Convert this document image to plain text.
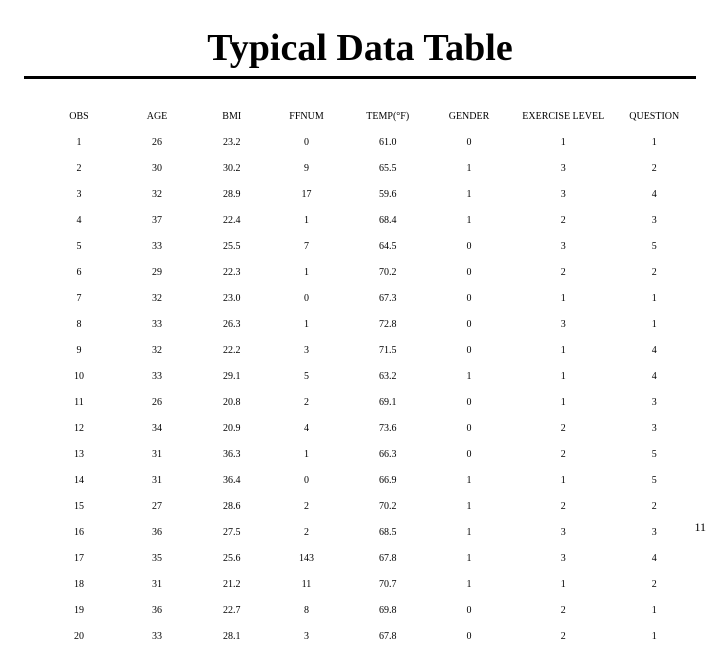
Typical Data Table
OBS	AGE	BMI	FFNUM	TEMP(°F)	GENDER	EXERCISE LEVEL	QUESTION
1	26	23.2	0	61.0	0	1	1
2	30	30.2	9	65.5	1	3	2
3	32	28.9	17	59.6	1	3	4
4	37	22.4	1	68.4	1	2	3
5	33	25.5	7	64.5	0	3	5
6	29	22.3	1	70.2	0	2	2
7	32	23.0	0	67.3	0	1	1
8	33	26.3	1	72.8	0	3	1
9	32	22.2	3	71.5	0	1	4
10	33	29.1	5	63.2	1	1	4
11	26	20.8	2	69.1	0	1	3
12	34	20.9	4	73.6	0	2	3
13	31	36.3	1	66.3	0	2	5
14	31	36.4	0	66.9	1	1	5
15	27	28.6	2	70.2	1	2	2
16	36	27.5	2	68.5	1	3	3
17	35	25.6	143	67.8	1	3	4
18	31	21.2	11	70.7	1	1	2
19	36	22.7	8	69.8	0	2	1
20	33	28.1	3	67.8	0	2	1
11
